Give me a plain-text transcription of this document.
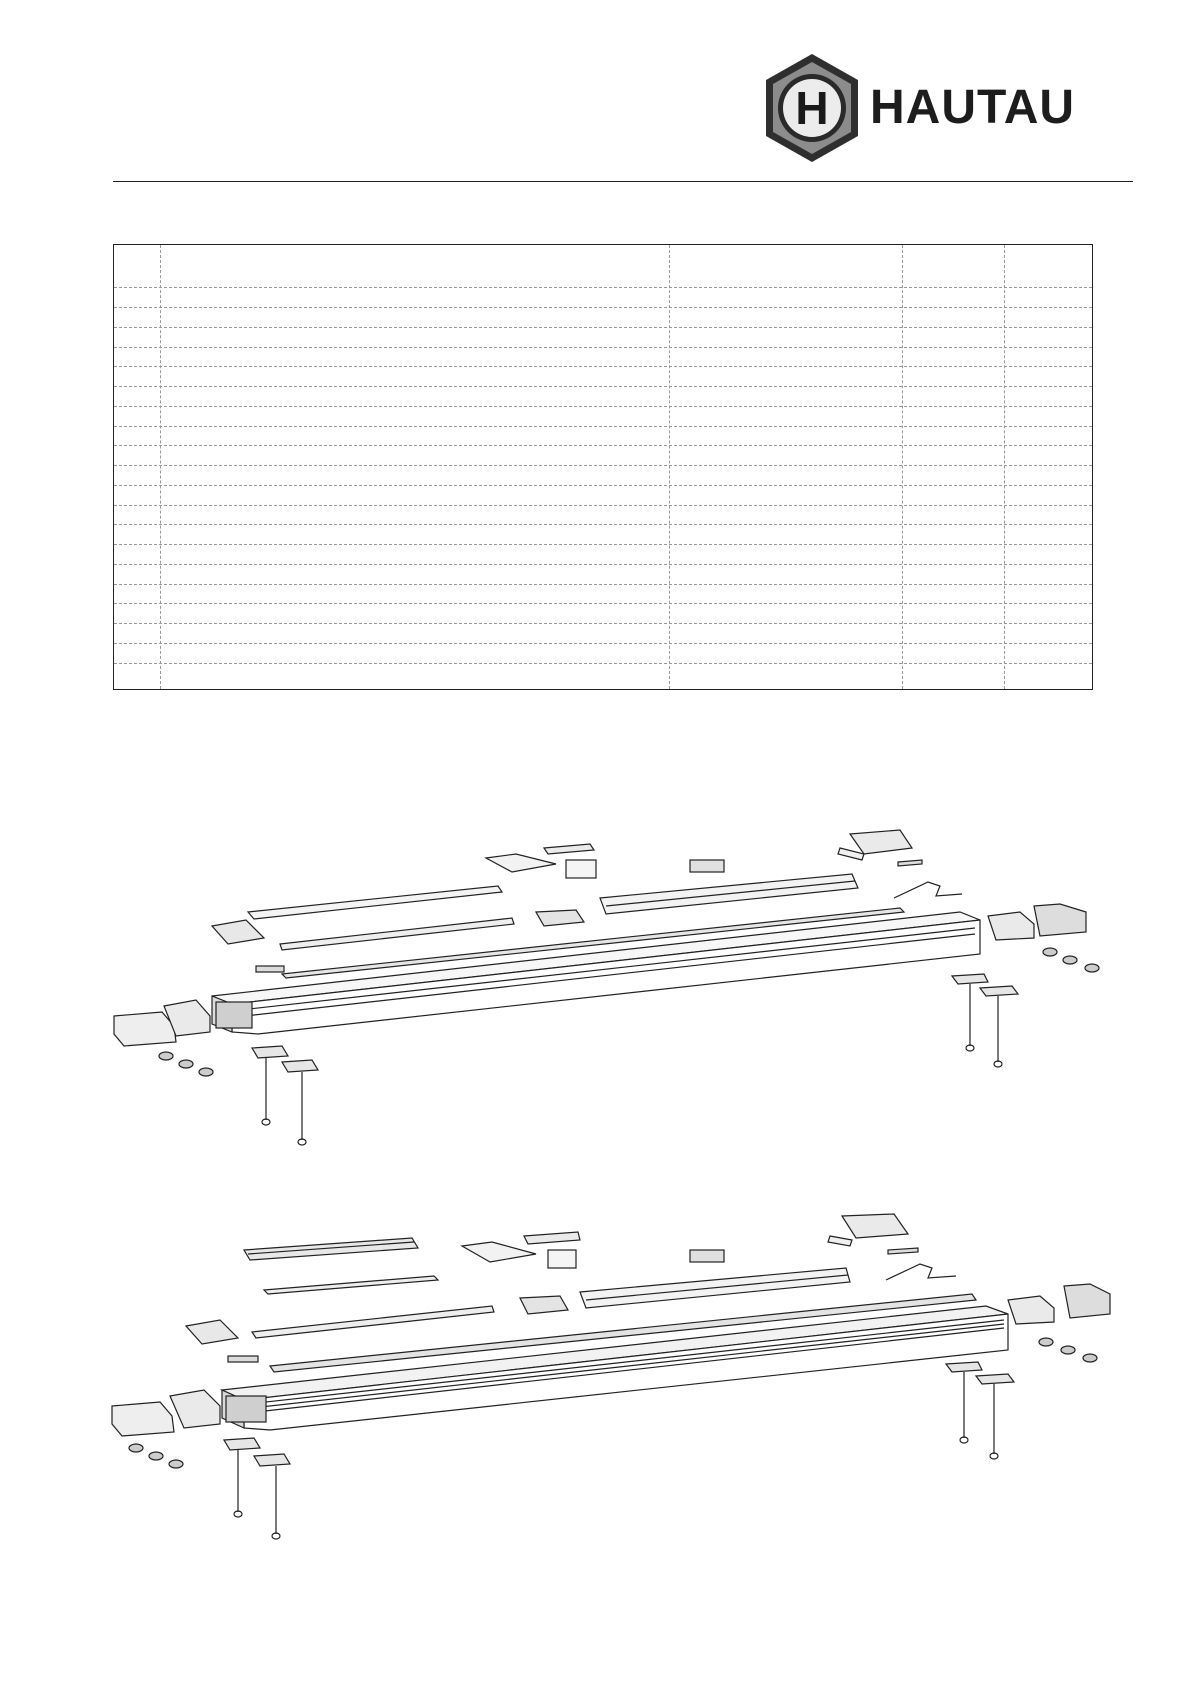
H HAUTAU
